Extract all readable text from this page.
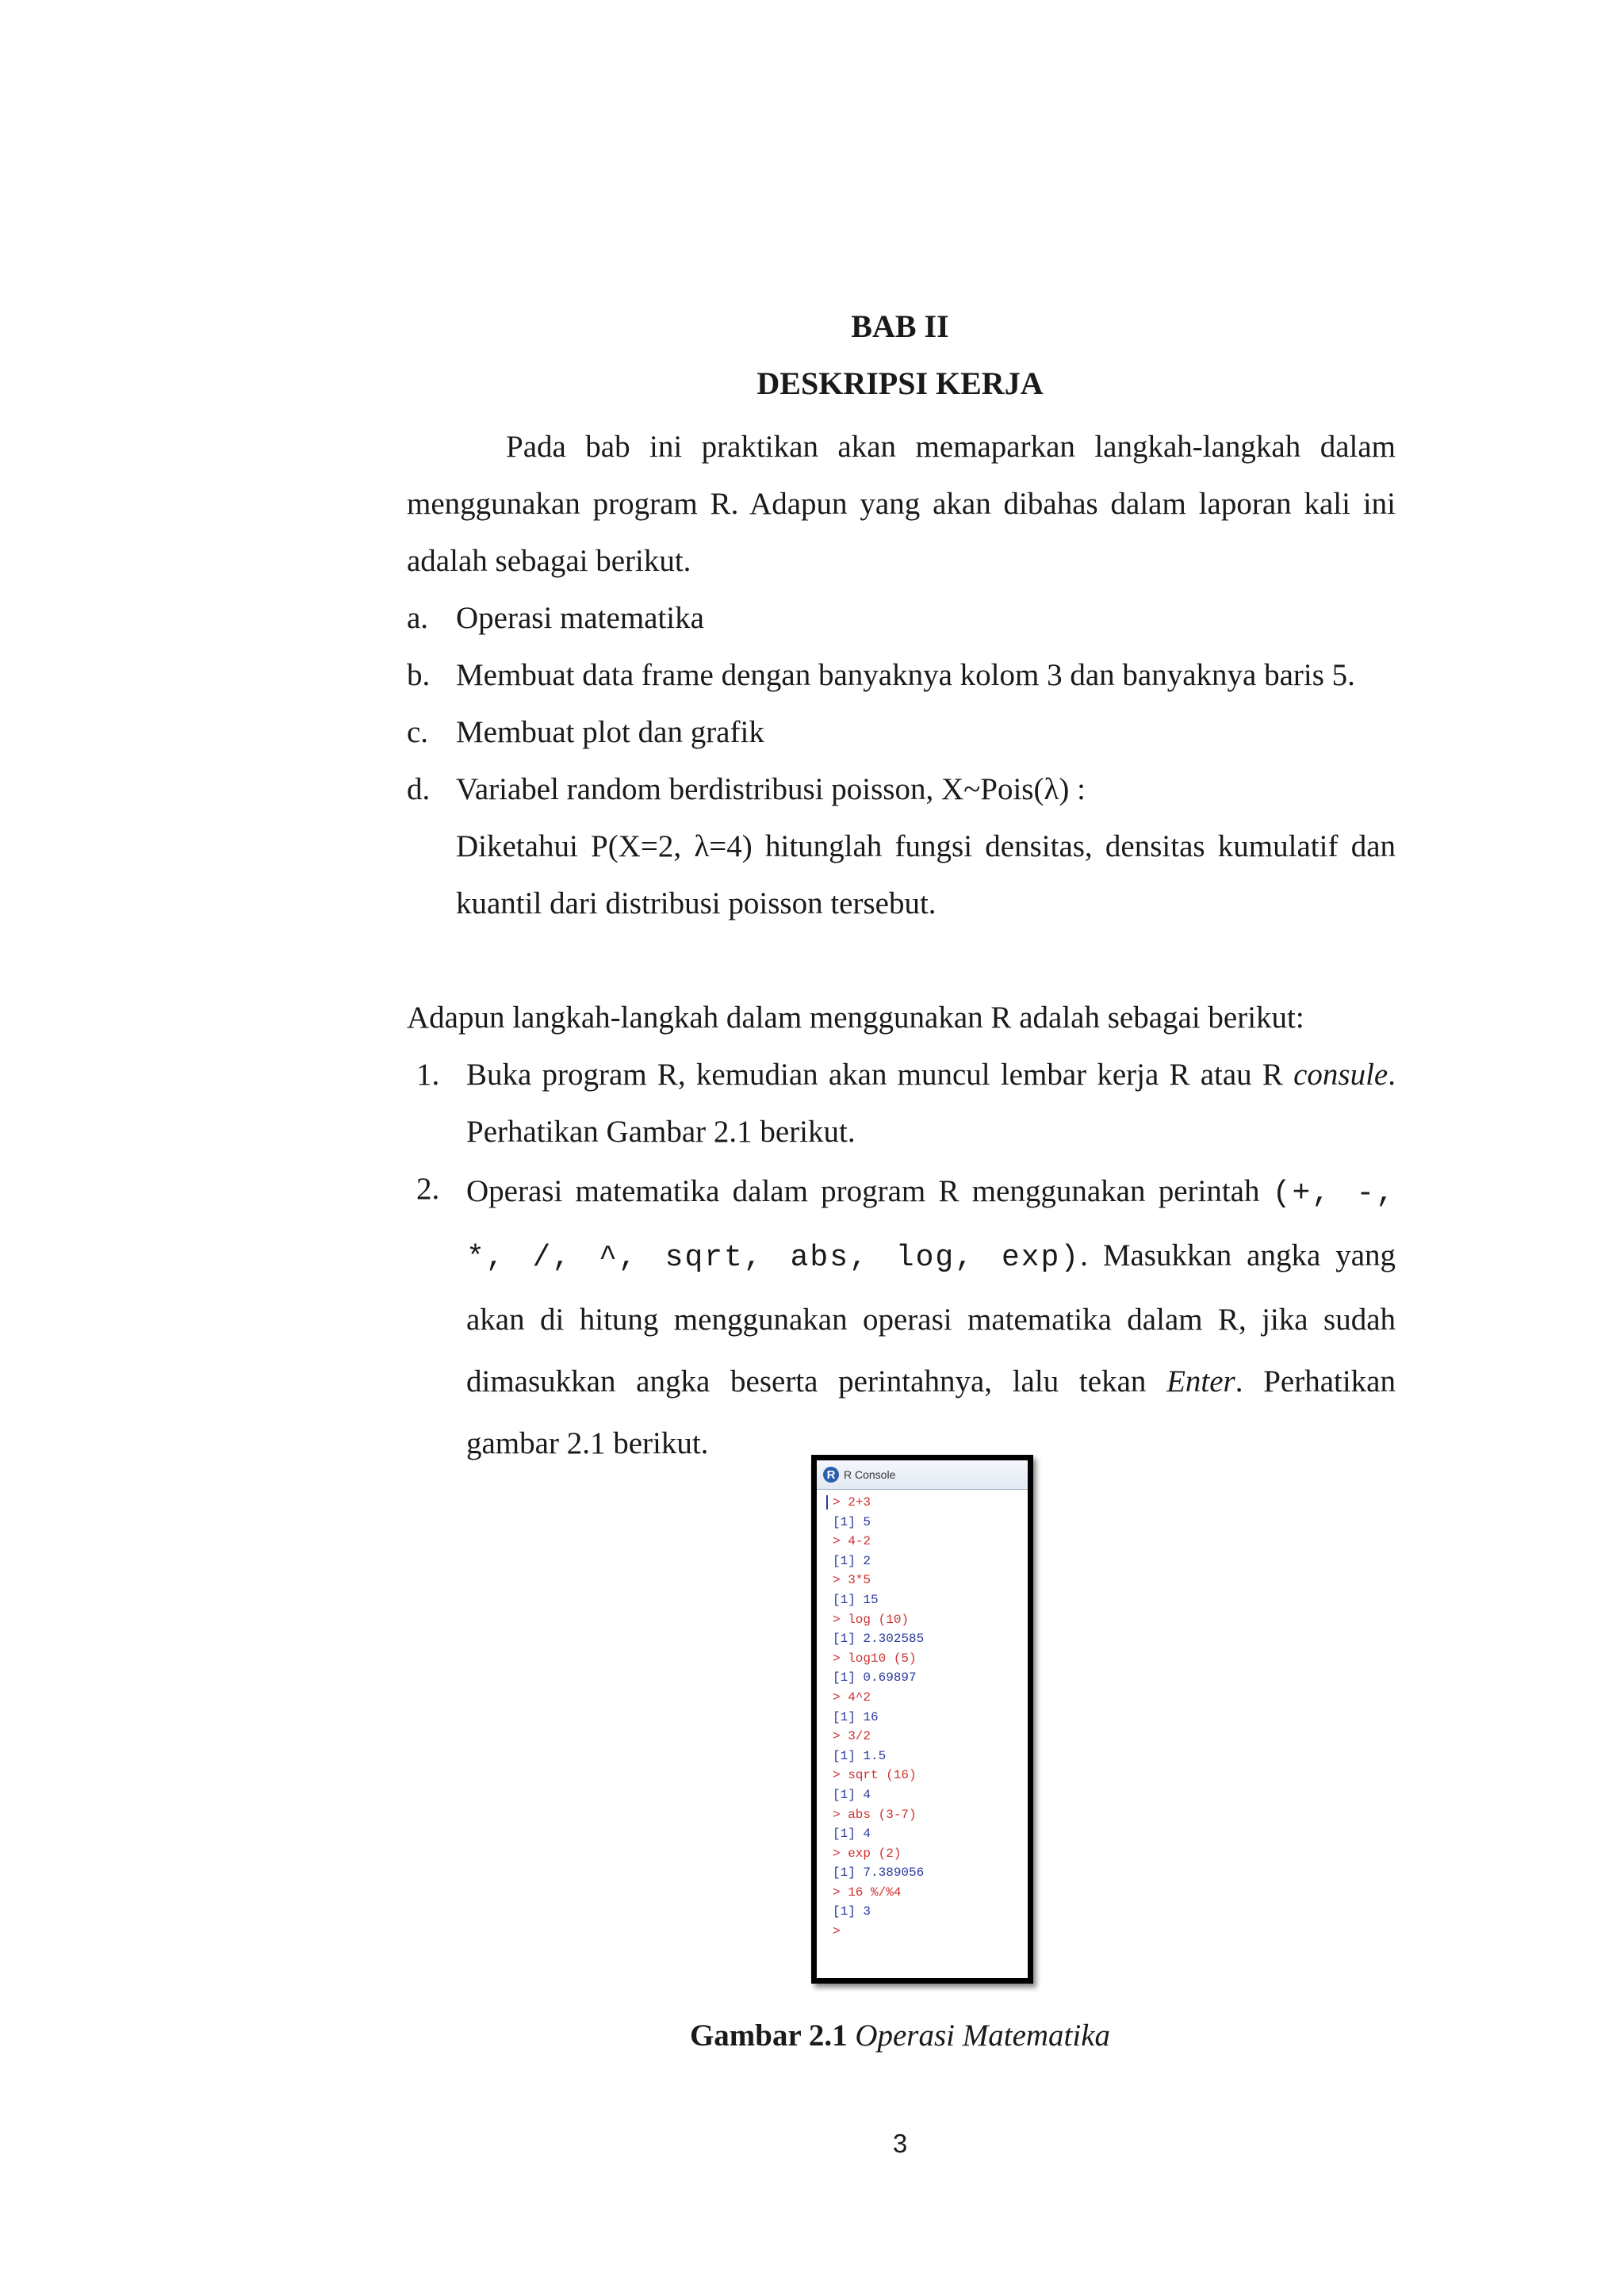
BAB II
DESKRIPSI KERJA
Pada bab ini praktikan akan memaparkan langkah-langkah dalam menggunakan program R. Adapun yang akan dibahas dalam laporan kali ini adalah sebagai berikut.
a. Operasi matematika
b. Membuat data frame dengan banyaknya kolom 3 dan banyaknya baris 5.
c. Membuat plot dan grafik
d. Variabel random berdistribusi poisson, X~Pois(λ) :
Diketahui P(X=2, λ=4) hitunglah fungsi densitas, densitas kumulatif dan kuantil dari distribusi poisson tersebut.
Adapun langkah-langkah dalam menggunakan R adalah sebagai berikut:
1. Buka program R, kemudian akan muncul lembar kerja R atau R consule. Perhatikan Gambar 2.1 berikut.
2. Operasi matematika dalam program R menggunakan perintah (+, -, *, /, ^, sqrt, abs, log, exp). Masukkan angka yang akan di hitung menggunakan operasi matematika dalam R, jika sudah dimasukkan angka beserta perintahnya, lalu tekan Enter. Perhatikan gambar 2.1 berikut.
R R Console
> 2+3
[1] 5
> 4-2
[1] 2
> 3*5
[1] 15
> log (10)
[1] 2.302585
> log10 (5)
[1] 0.69897
> 4^2
[1] 16
> 3/2
[1] 1.5
> sqrt (16)
[1] 4
> abs (3-7)
[1] 4
> exp (2)
[1] 7.389056
> 16 %/%4
[1] 3
>
Gambar 2.1 Operasi Matematika
3
